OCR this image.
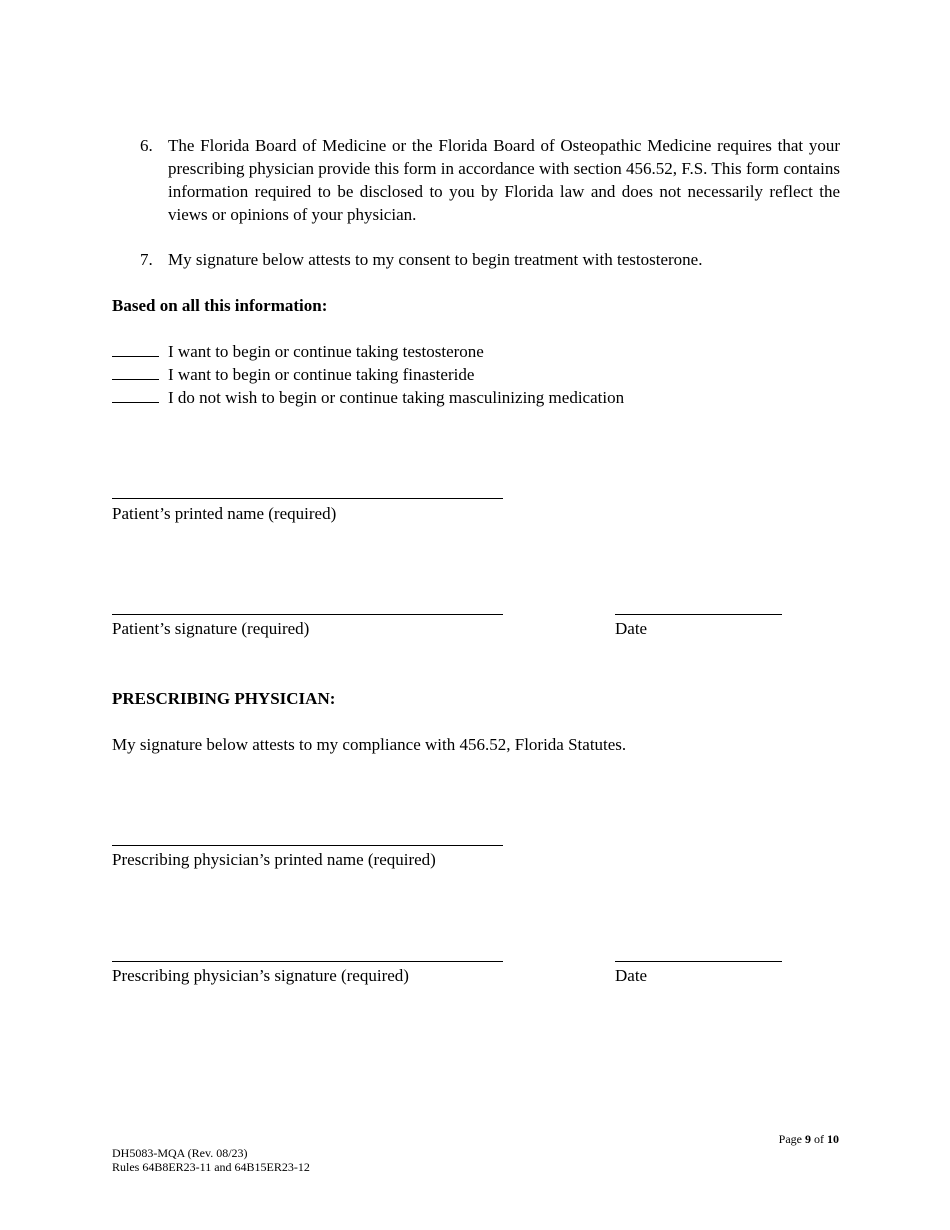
6. The Florida Board of Medicine or the Florida Board of Osteopathic Medicine requires that your prescribing physician provide this form in accordance with section 456.52, F.S. This form contains information required to be disclosed to you by Florida law and does not necessarily reflect the views or opinions of your physician.
7. My signature below attests to my consent to begin treatment with testosterone.
Based on all this information:
I want to begin or continue taking testosterone
I want to begin or continue taking finasteride
I do not wish to begin or continue taking masculinizing medication
Patient’s printed name (required)
Patient’s signature (required)	Date
PRESCRIBING PHYSICIAN:
My signature below attests to my compliance with 456.52, Florida Statutes.
Prescribing physician’s printed name (required)
Prescribing physician’s signature (required)	Date
Page 9 of 10
DH5083-MQA (Rev. 08/23)
Rules 64B8ER23-11 and 64B15ER23-12
